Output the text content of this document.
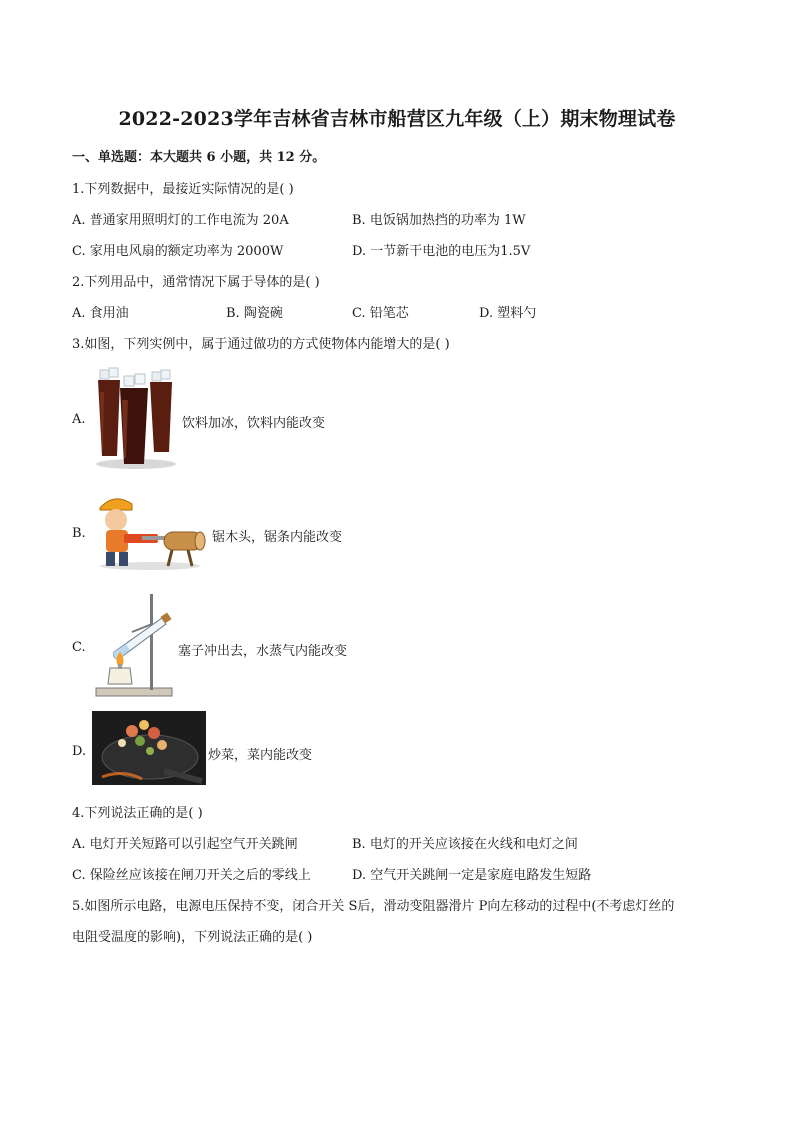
2022-2023学年吉林省吉林市船营区九年级（上）期末物理试卷
一、单选题：本大题共 6 小题，共 12 分。
1.下列数据中，最接近实际情况的是( )
A. 普通家用照明灯的工作电流为 20A	B. 电饭锅加热挡的功率为 1W
C. 家用电风扇的额定功率为 2000W	D. 一节新干电池的电压为1.5V
2.下列用品中，通常情况下属于导体的是( )
A. 食用油	B. 陶瓷碗	C. 铅笔芯	D. 塑料勺
3.如图，下列实例中，属于通过做功的方式使物体内能增大的是( )
A.	饮料加冰，饮料内能改变
B.	锯木头，锯条内能改变
C.	塞子冲出去，水蒸气内能改变
D.	炒菜，菜内能改变
4.下列说法正确的是( )
A. 电灯开关短路可以引起空气开关跳闸	B. 电灯的开关应该接在火线和电灯之间
C. 保险丝应该接在闸刀开关之后的零线上	D. 空气开关跳闸一定是家庭电路发生短路
5.如图所示电路，电源电压保持不变，闭合开关 S后，滑动变阻器滑片 P向左移动的过程中(不考虑灯丝的
电阻受温度的影响)，下列说法正确的是( )
